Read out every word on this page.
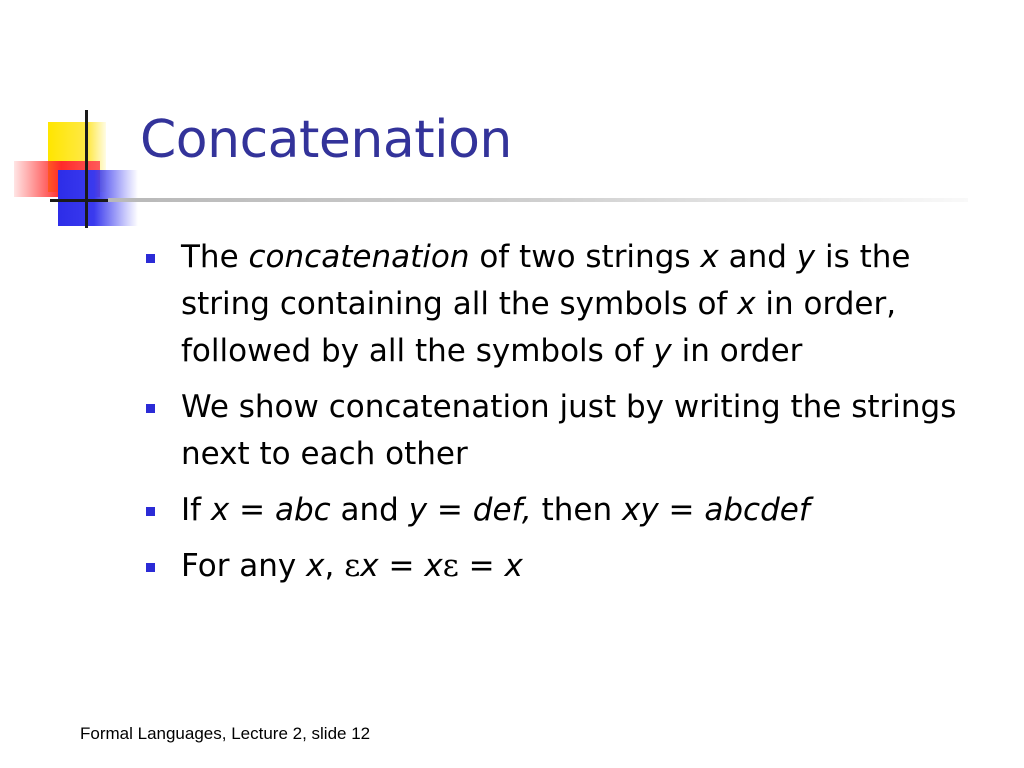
Concatenation
The concatenation of two strings x and y is the string containing all the symbols of x in order, followed by all the symbols of y in order
We show concatenation just by writing the strings next to each other
If x = abc and y = def, then xy = abcdef
For any x, εx = xε = x
Formal Languages, Lecture 2, slide 12
